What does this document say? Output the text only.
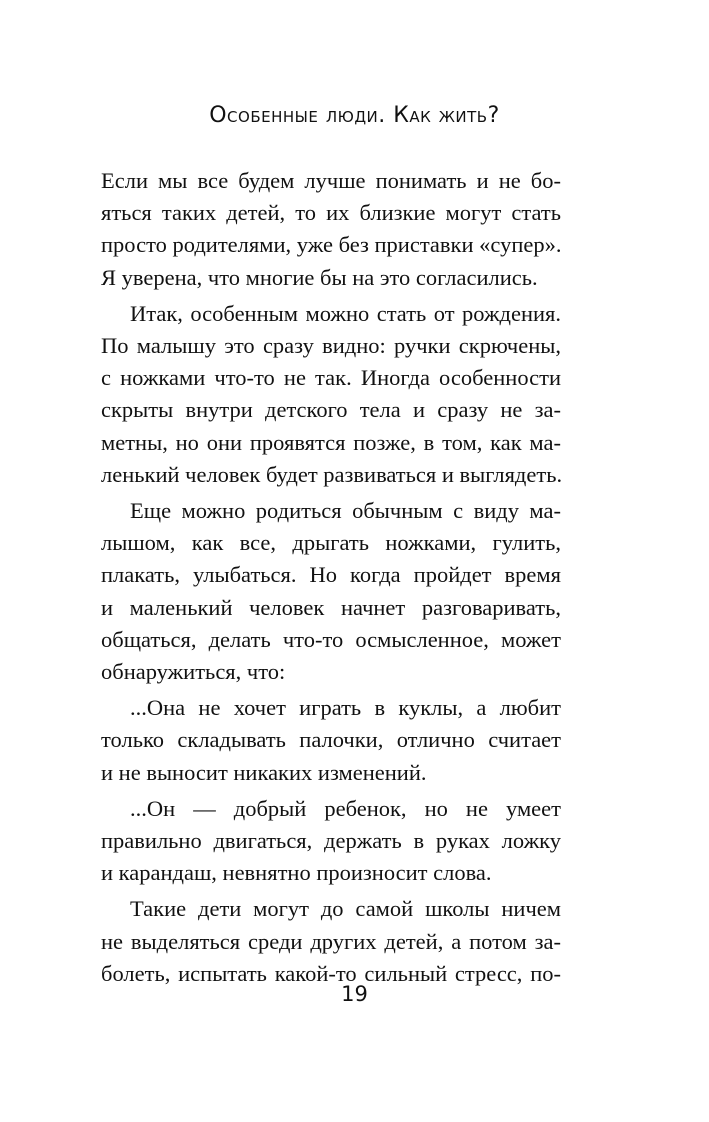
Особенные люди. Как жить?
Если мы все будем лучше понимать и не бо-
яться таких детей, то их близкие могут стать
просто родителями, уже без приставки «супер».
Я уверена, что многие бы на это согласились.
Итак, особенным можно стать от рождения.
По малышу это сразу видно: ручки скрючены,
с ножками что-то не так. Иногда особенности
скрыты внутри детского тела и сразу не за-
метны, но они проявятся позже, в том, как ма-
ленький человек будет развиваться и выглядеть.
Еще можно родиться обычным с виду ма-
лышом, как все, дрыгать ножками, гулить,
плакать, улыбаться. Но когда пройдет время
и маленький человек начнет разговаривать,
общаться, делать что-то осмысленное, может
обнаружиться, что:
...Она не хочет играть в куклы, а любит
только складывать палочки, отлично считает
и не выносит никаких изменений.
...Он — добрый ребенок, но не умеет
правильно двигаться, держать в руках ложку
и карандаш, невнятно произносит слова.
Такие дети могут до самой школы ничем
не выделяться среди других детей, а потом за-
болеть, испытать какой-то сильный стресс, по-
19
